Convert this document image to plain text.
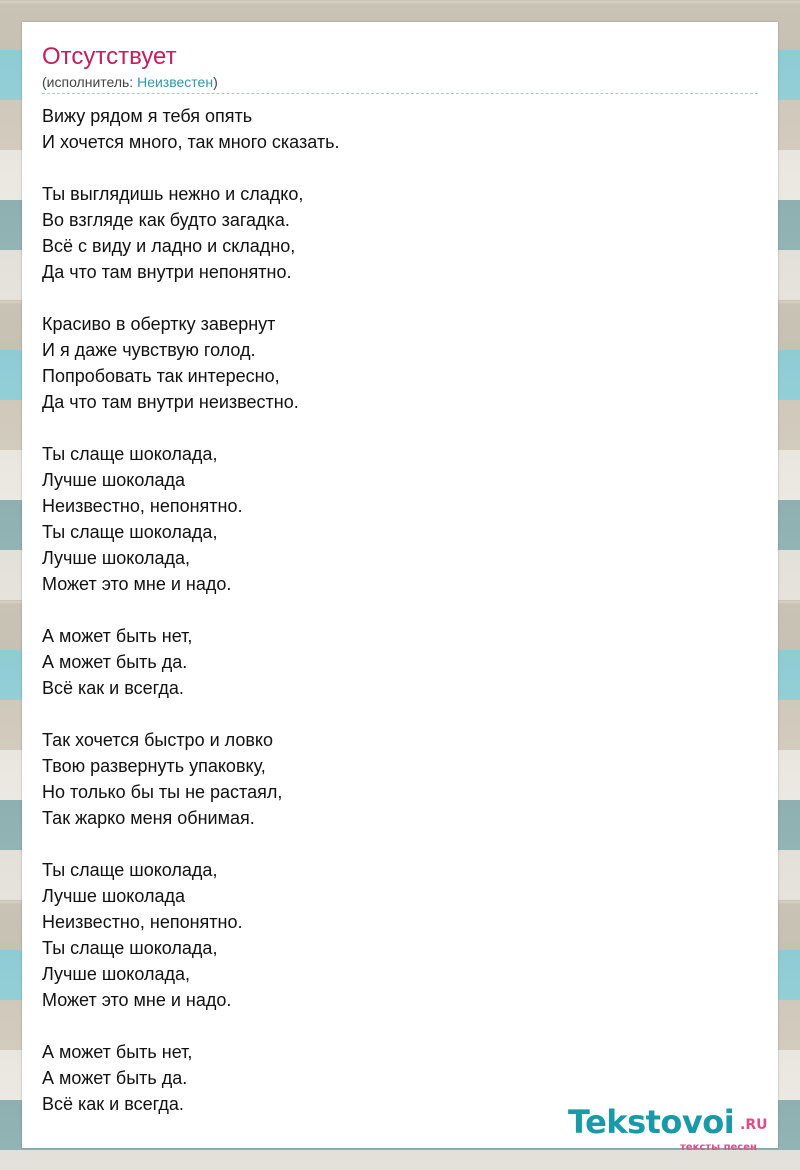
Отсутствует
(исполнитель: Неизвестен)
Вижу рядом я тебя опять
И хочется много, так много сказать.
Ты выглядишь нежно и сладко,
Во взгляде как будто загадка.
Всё с виду и ладно и складно,
Да что там внутри непонятно.
Красиво в обертку завернут
И я даже чувствую голод.
Попробовать так интересно,
Да что там внутри неизвестно.
Ты слаще шоколада,
Лучше шоколада
Неизвестно, непонятно.
Ты слаще шоколада,
Лучше шоколада,
Может это мне и надо.
А может быть нет,
А может быть да.
Всё как и всегда.
Так хочется быстро и ловко
Твою развернуть упаковку,
Но только бы ты не растаял,
Так жарко меня обнимая.
Ты слаще шоколада,
Лучше шоколада
Неизвестно, непонятно.
Ты слаще шоколада,
Лучше шоколада,
Может это мне и надо.
А может быть нет,
А может быть да.
Всё как и всегда.	Tekstovoi .RU
тексты песен
